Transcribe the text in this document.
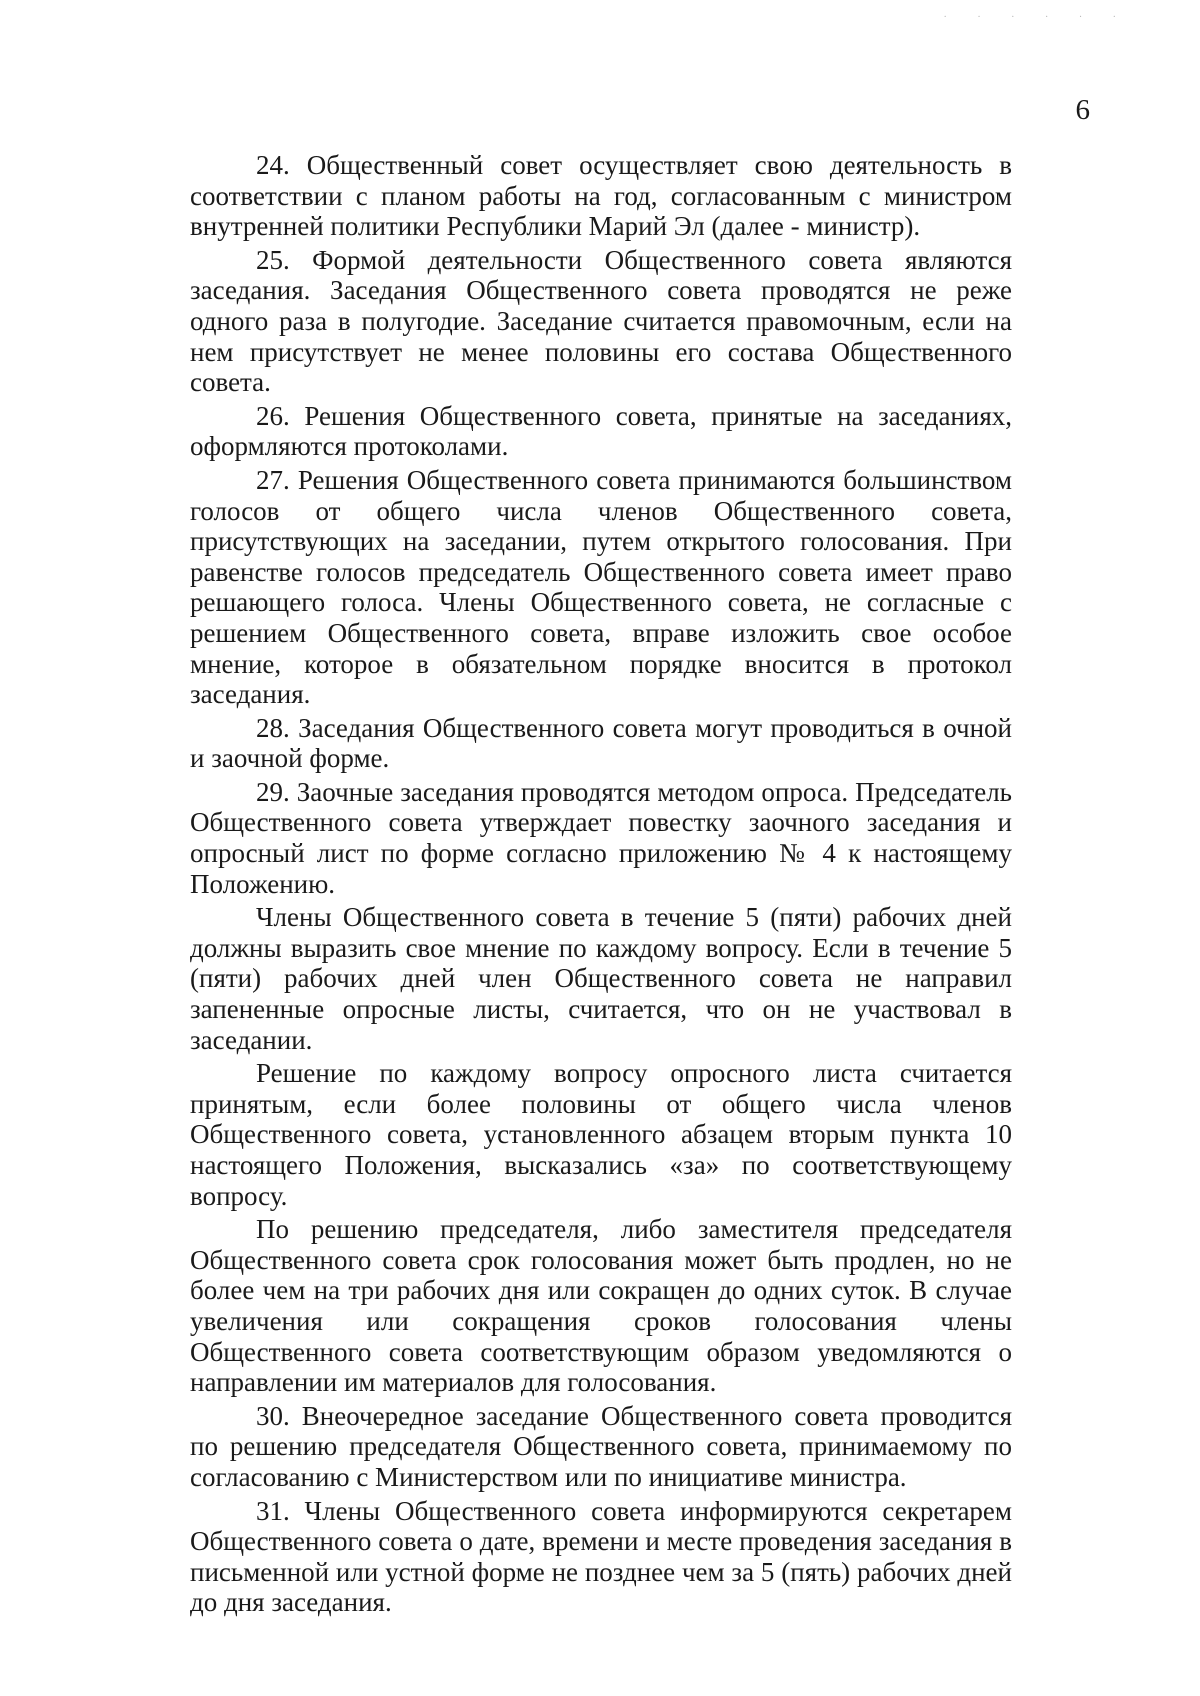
· · · · · ·
6

24. Общественный совет осуществляет свою деятельность в соответствии с планом работы на год, согласованным с министром внутренней политики Республики Марий Эл (далее - министр).

25. Формой деятельности Общественного совета являются заседания. Заседания Общественного совета проводятся не реже одного раза в полугодие. Заседание считается правомочным, если на нем присутствует не менее половины его состава Общественного совета.

26. Решения Общественного совета, принятые на заседаниях, оформляются протоколами.

27. Решения Общественного совета принимаются большинством голосов от общего числа членов Общественного совета, присутствующих на заседании, путем открытого голосования. При равенстве голосов председатель Общественного совета имеет право решающего голоса. Члены Общественного совета, не согласные с решением Общественного совета, вправе изложить свое особое мнение, которое в обязательном порядке вносится в протокол заседания.

28. Заседания Общественного совета могут проводиться в очной и заочной форме.

29. Заочные заседания проводятся методом опроса. Председатель Общественного совета утверждает повестку заочного заседания и опросный лист по форме согласно приложению № 4 к настоящему Положению.

Члены Общественного совета в течение 5 (пяти) рабочих дней должны выразить свое мнение по каждому вопросу. Если в течение 5 (пяти) рабочих дней член Общественного совета не направил запененные опросные листы, считается, что он не участвовал в заседании.

Решение по каждому вопросу опросного листа считается принятым, если более половины от общего числа членов Общественного совета, установленного абзацем вторым пункта 10 настоящего Положения, высказались «за» по соответствующему вопросу.

По решению председателя, либо заместителя председателя Общественного совета срок голосования может быть продлен, но не более чем на три рабочих дня или сокращен до одних суток. В случае увеличения или сокращения сроков голосования члены Общественного совета соответствующим образом уведомляются о направлении им материалов для голосования.

30. Внеочередное заседание Общественного совета проводится по решению председателя Общественного совета, принимаемому по согласованию с Министерством или по инициативе министра.

31. Члены Общественного совета информируются секретарем Общественного совета о дате, времени и месте проведения заседания в письменной или устной форме не позднее чем за 5 (пять) рабочих дней до дня заседания.
